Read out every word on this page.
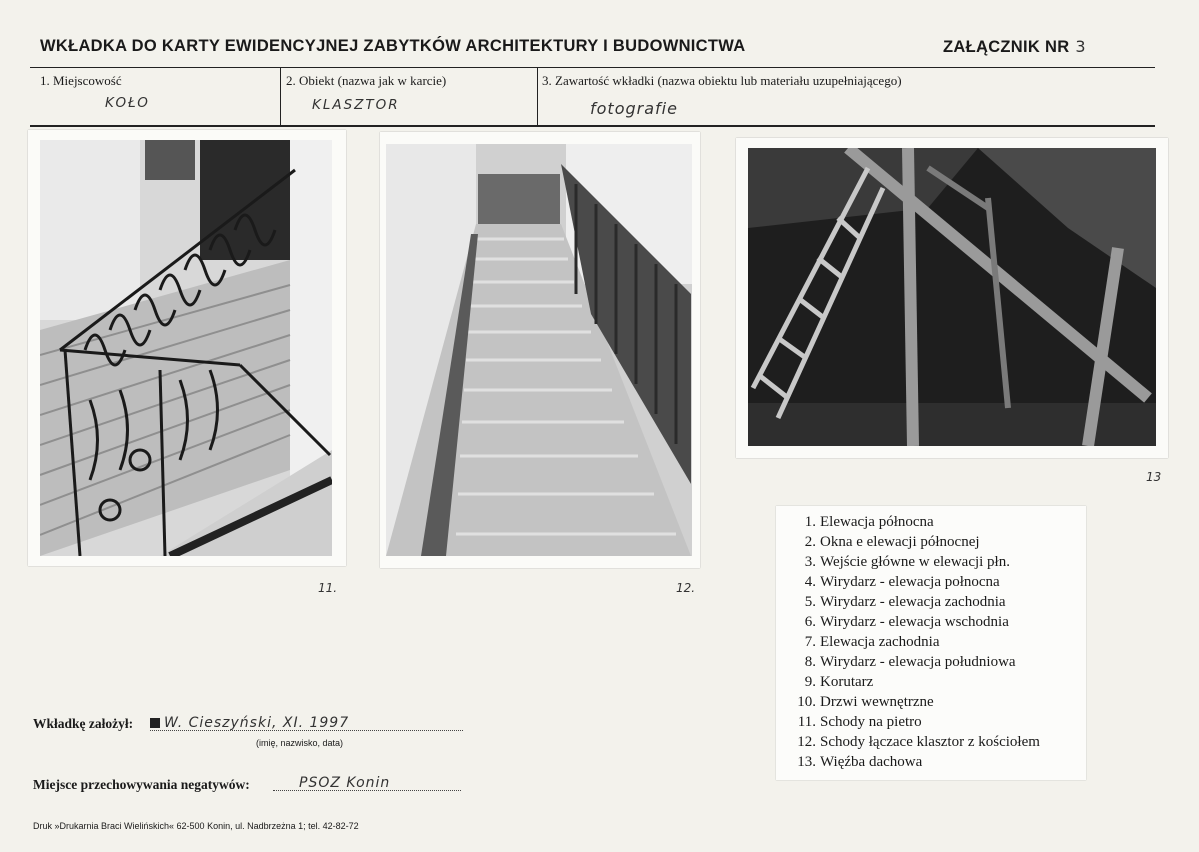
WKŁADKA DO KARTY EWIDENCYJNEJ ZABYTKÓW ARCHITEKTURY I BUDOWNICTWA	ZAŁĄCZNIK NR 3
1. Miejscowość
KOŁO
2. Obiekt (nazwa jak w karcie)
KLASZTOR
3. Zawartość wkładki (nazwa obiektu lub materiału uzupełniającego)
fotografie
11.	12.
13
1. Elewacja północna
2. Okna e elewacji północnej
3. Wejście główne w elewacji płn.
4. Wirydarz - elewacja połnocna
5. Wirydarz - elewacja zachodnia
6. Wirydarz - elewacja wschodnia
7. Elewacja zachodnia
8. Wirydarz - elewacja południowa
9. Korutarz
10. Drzwi wewnętrzne
11. Schody na pietro
12. Schody łączace klasztor z kościołem
13. Więźba dachowa
Wkładkę założył:	W. Cieszyński, XI. 1997
(imię, nazwisko, data)
Miejsce przechowywania negatywów:	PSOZ Konin
Druk »Drukarnia Braci Wielińskich« 62-500 Konin, ul. Nadbrzeżna 1; tel. 42-82-72
